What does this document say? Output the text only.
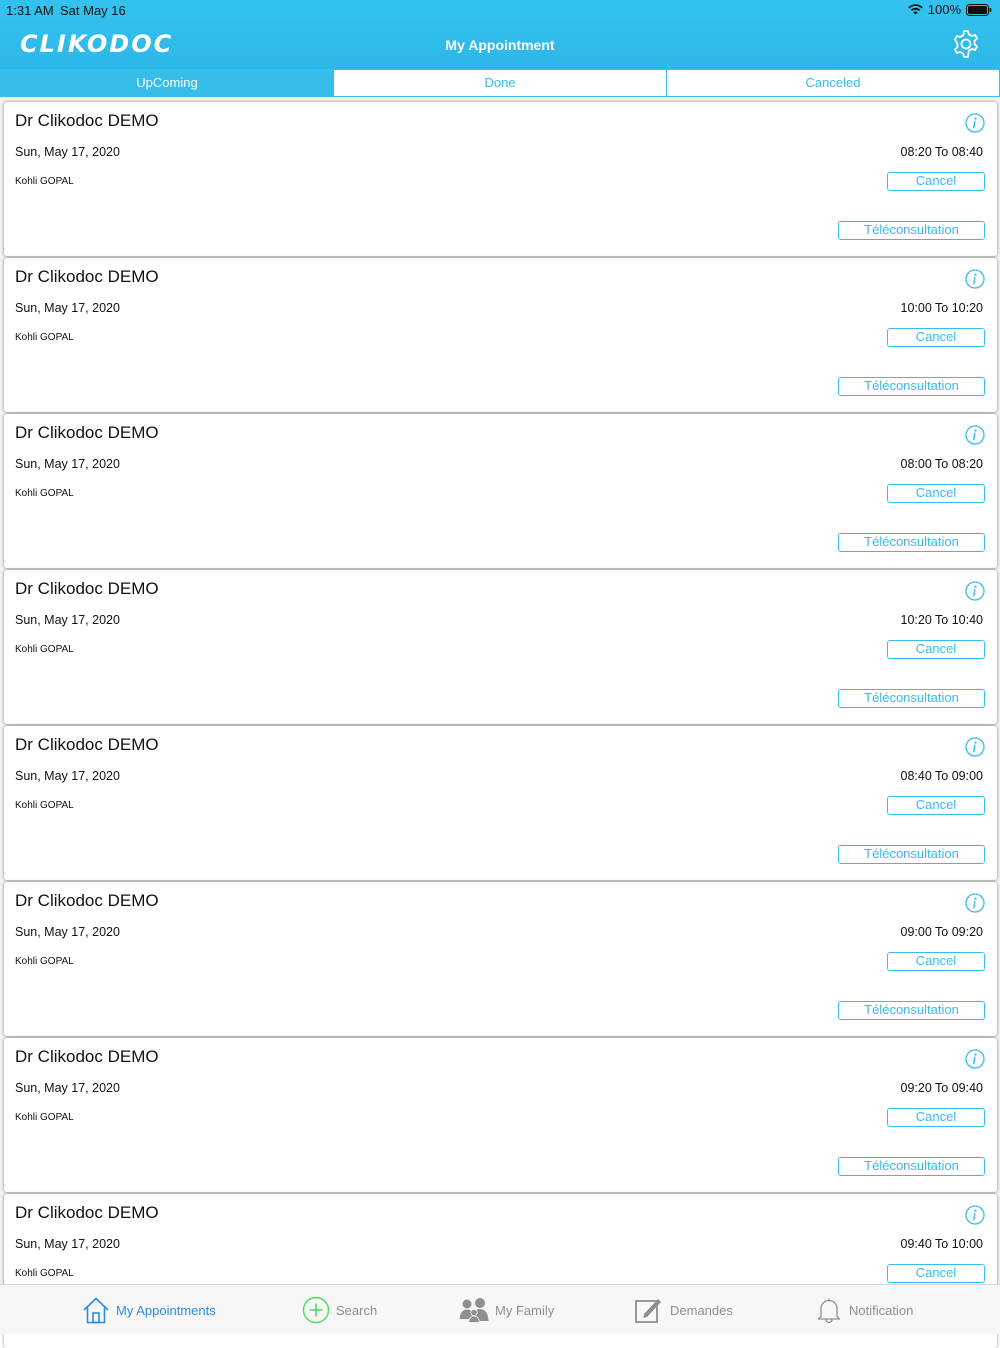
1:31 AM Sat May 16	100%
CLIKODOC	My Appointment
UpComing	Done	Canceled
Dr Clikodoc DEMO
Sun, May 17, 2020
Kohli GOPAL
08:20 To 08:40
Cancel
Téléconsultation
Dr Clikodoc DEMO
Sun, May 17, 2020
Kohli GOPAL
10:00 To 10:20
Cancel
Téléconsultation
Dr Clikodoc DEMO
Sun, May 17, 2020
Kohli GOPAL
08:00 To 08:20
Cancel
Téléconsultation
Dr Clikodoc DEMO
Sun, May 17, 2020
Kohli GOPAL
10:20 To 10:40
Cancel
Téléconsultation
Dr Clikodoc DEMO
Sun, May 17, 2020
Kohli GOPAL
08:40 To 09:00
Cancel
Téléconsultation
Dr Clikodoc DEMO
Sun, May 17, 2020
Kohli GOPAL
09:00 To 09:20
Cancel
Téléconsultation
Dr Clikodoc DEMO
Sun, May 17, 2020
Kohli GOPAL
09:20 To 09:40
Cancel
Téléconsultation
Dr Clikodoc DEMO
Sun, May 17, 2020
Kohli GOPAL
09:40 To 10:00
Cancel
My Appointments	Search	My Family	Demandes	Notification
